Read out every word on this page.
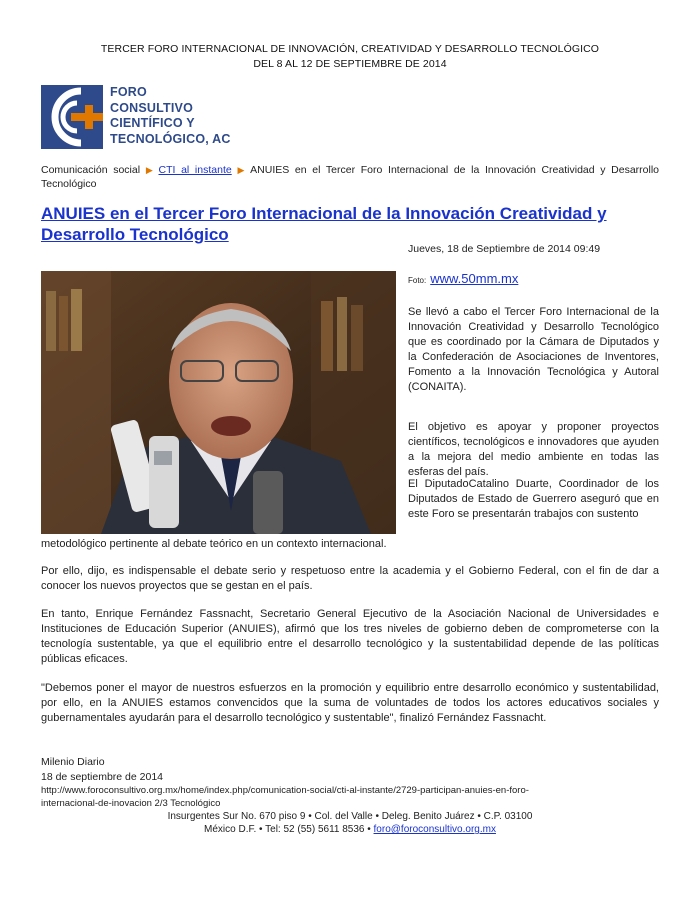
TERCER FORO INTERNACIONAL DE INNOVACIÓN, CREATIVIDAD Y DESARROLLO TECNOLÓGICO
DEL 8 AL 12 DE SEPTIEMBRE DE 2014
FORO
CONSULTIVO
CIENTÍFICO Y
TECNOLÓGICO, AC
Comunicación social ▶ CTI al instante ▶ ANUIES en el Tercer Foro Internacional de la Innovación Creatividad y Desarrollo Tecnológico
ANUIES en el Tercer Foro Internacional de la Innovación Creatividad y Desarrollo Tecnológico
Jueves, 18 de Septiembre de 2014 09:49
Foto: www.50mm.mx
Se llevó a cabo el Tercer Foro Internacional de la Innovación Creatividad y Desarrollo Tecnológico que es coordinado por la Cámara de Diputados y la Confederación de Asociaciones de Inventores, Fomento a la Innovación Tecnológica y Autoral (CONAITA).
El objetivo es apoyar y proponer proyectos científicos, tecnológicos e innovadores que ayuden a la mejora del medio ambiente en todas las esferas del país.
El DiputadoCatalino Duarte, Coordinador de los Diputados de Estado de Guerrero aseguró que en este Foro se presentarán trabajos con sustento
metodológico pertinente al debate teórico en un contexto internacional.
Por ello, dijo, es indispensable el debate serio y respetuoso entre la academia y el Gobierno Federal, con el fin de dar a conocer los nuevos proyectos que se gestan en el país.
En tanto, Enrique Fernández Fassnacht, Secretario General Ejecutivo de la Asociación Nacional de Universidades e Instituciones de Educación Superior (ANUIES), afirmó que los tres niveles de gobierno deben de comprometerse con la tecnología sustentable, ya que el equilibrio entre el desarrollo tecnológico y la sustentabilidad depende de las políticas públicas eficaces.
"Debemos poner el mayor de nuestros esfuerzos en la promoción y equilibrio entre desarrollo económico y sustentabilidad, por ello, en la ANUIES estamos convencidos que la suma de voluntades de todos los actores educativos sociales y gubernamentales ayudarán para el desarrollo tecnológico y sustentable", finalizó Fernández Fassnacht.
Milenio Diario
18 de septiembre de 2014
http://www.foroconsultivo.org.mx/home/index.php/comunication-social/cti-al-instante/2729-participan-anuies-en-foro-
internacional-de-inovacion 2/3 Tecnológico
Insurgentes Sur No. 670 piso 9 • Col. del Valle • Deleg. Benito Juárez • C.P. 03100
México D.F. • Tel: 52 (55) 5611 8536 • foro@foroconsultivo.org.mx
